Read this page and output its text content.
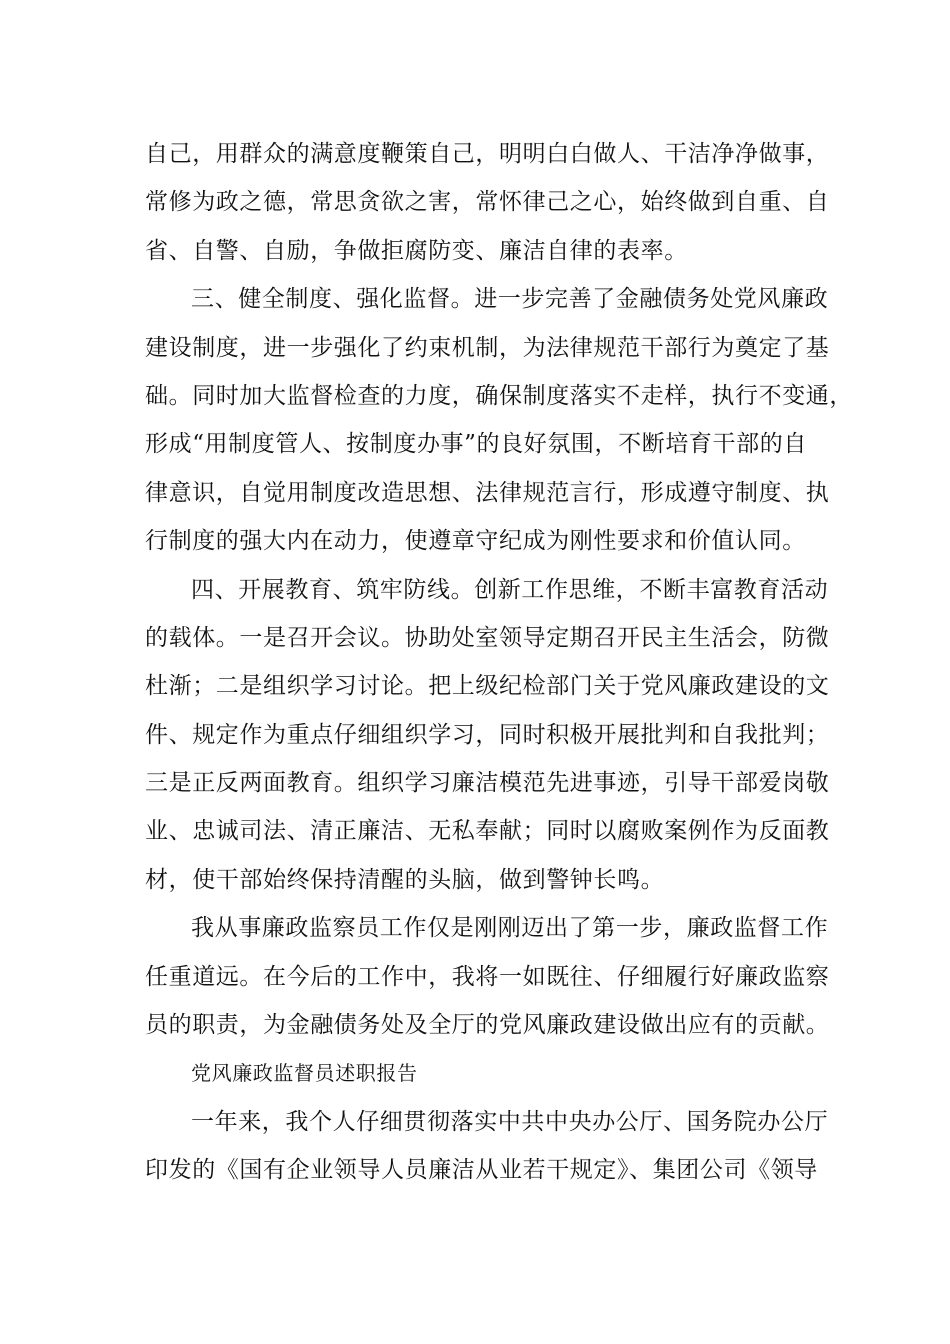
自己，用群众的满意度鞭策自己，明明白白做人、干洁净净做事，
常修为政之德，常思贪欲之害，常怀律己之心，始终做到自重、自
省、自警、自励，争做拒腐防变、廉洁自律的表率。
三、健全制度、强化监督。进一步完善了金融债务处党风廉政
建设制度，进一步强化了约束机制，为法律规范干部行为奠定了基
础。同时加大监督检查的力度，确保制度落实不走样，执行不变通，
形成“用制度管人、按制度办事”的良好氛围，不断培育干部的自
律意识，自觉用制度改造思想、法律规范言行，形成遵守制度、执
行制度的强大内在动力，使遵章守纪成为刚性要求和价值认同。
四、开展教育、筑牢防线。创新工作思维，不断丰富教育活动
的载体。一是召开会议。协助处室领导定期召开民主生活会，防微
杜渐；二是组织学习讨论。把上级纪检部门关于党风廉政建设的文
件、规定作为重点仔细组织学习，同时积极开展批判和自我批判；
三是正反两面教育。组织学习廉洁模范先进事迹，引导干部爱岗敬
业、忠诚司法、清正廉洁、无私奉献；同时以腐败案例作为反面教
材，使干部始终保持清醒的头脑，做到警钟长鸣。
我从事廉政监察员工作仅是刚刚迈出了第一步，廉政监督工作
任重道远。在今后的工作中，我将一如既往、仔细履行好廉政监察
员的职责，为金融债务处及全厅的党风廉政建设做出应有的贡献。
党风廉政监督员述职报告
一年来，我个人仔细贯彻落实中共中央办公厅、国务院办公厅
印发的《国有企业领导人员廉洁从业若干规定》、集团公司《领导
